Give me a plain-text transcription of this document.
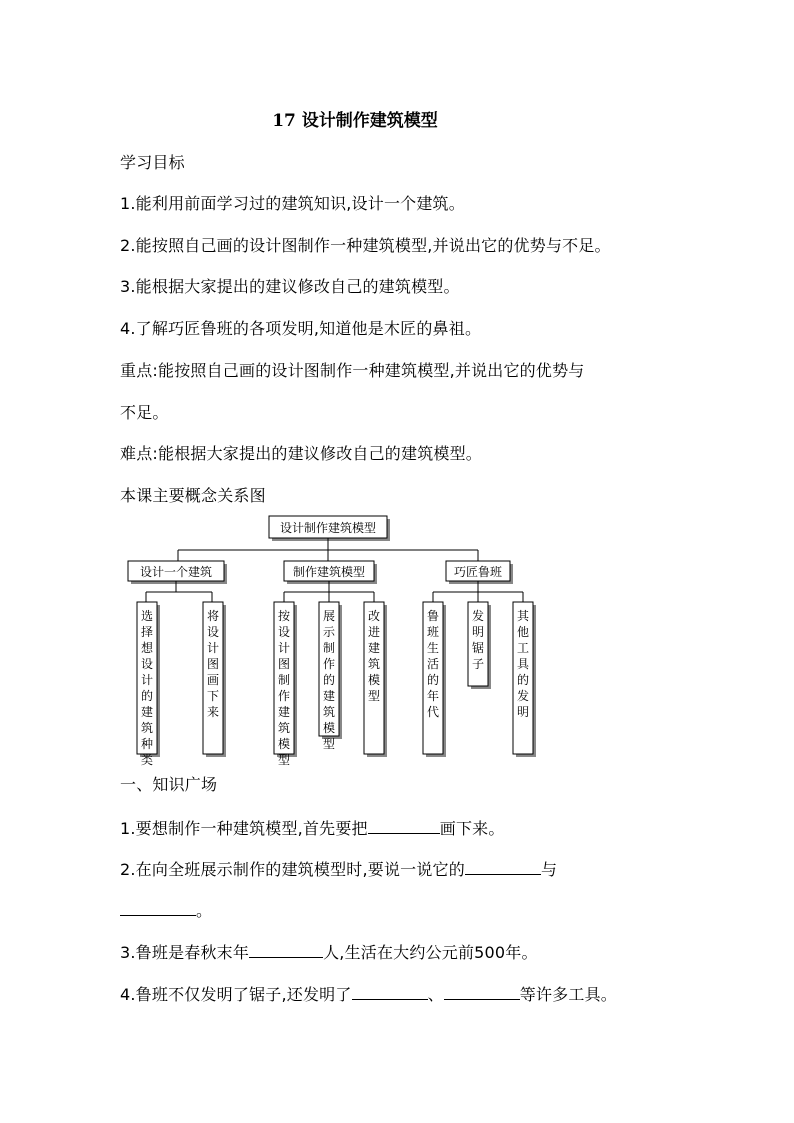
17 设计制作建筑模型
学习目标
1.能利用前面学习过的建筑知识,设计一个建筑。
2.能按照自己画的设计图制作一种建筑模型,并说出它的优势与不足。
3.能根据大家提出的建议修改自己的建筑模型。
4.了解巧匠鲁班的各项发明,知道他是木匠的鼻祖。
重点:能按照自己画的设计图制作一种建筑模型,并说出它的优势与
不足。
难点:能根据大家提出的建议修改自己的建筑模型。
本课主要概念关系图
设计制作建筑模型
设计一个建筑	制作建筑模型	巧匠鲁班
选择想设计的建筑种类
将设计图画下来
按设计图制作建筑模型
展示制作的建筑模型
改进建筑模型
鲁班生活的年代
发明锯子
其他工具的发明
一、知识广场
1.要想制作一种建筑模型,首先要把	画下来。
2.在向全班展示制作的建筑模型时,要说一说它的	与
。
3.鲁班是春秋末年	人,生活在大约公元前500年。
4.鲁班不仅发明了锯子,还发明了	、	等许多工具。
